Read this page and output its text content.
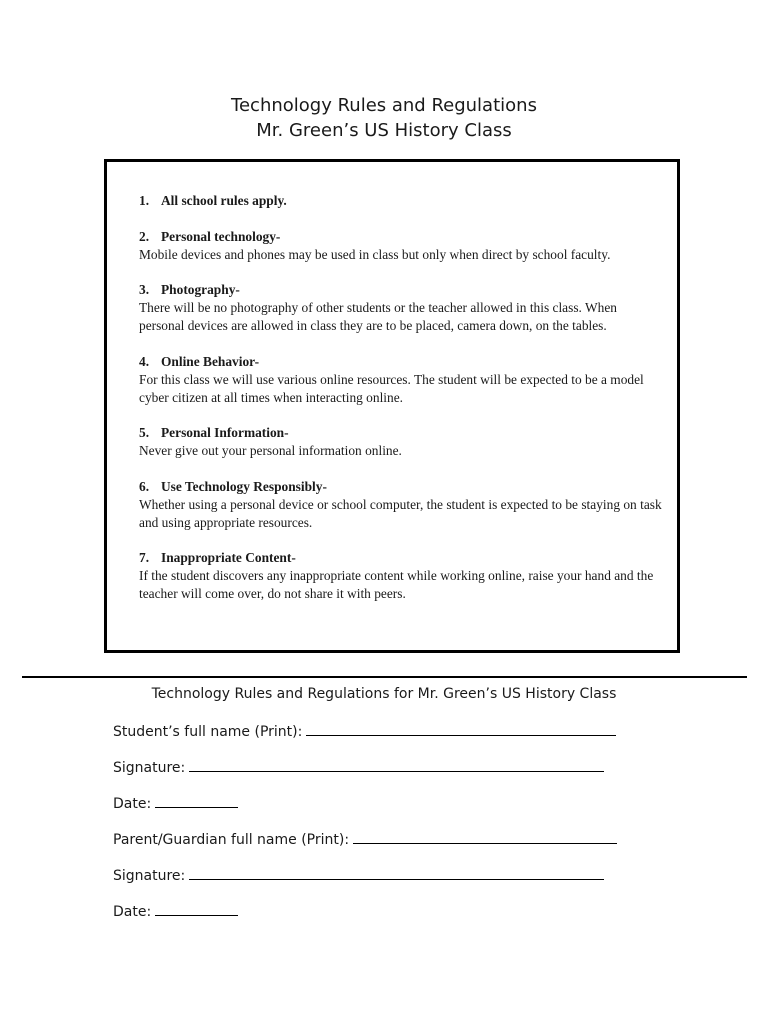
Technology Rules and Regulations
Mr. Green’s US History Class
1. All school rules apply.
2. Personal technology-
Mobile devices and phones may be used in class but only when direct by school faculty.
3. Photography-
There will be no photography of other students or the teacher allowed in this class. When personal devices are allowed in class they are to be placed, camera down, on the tables.
4. Online Behavior-
For this class we will use various online resources. The student will be expected to be a model cyber citizen at all times when interacting online.
5. Personal Information-
Never give out your personal information online.
6. Use Technology Responsibly-
Whether using a personal device or school computer, the student is expected to be staying on task and using appropriate resources.
7. Inappropriate Content-
If the student discovers any inappropriate content while working online, raise your hand and the teacher will come over, do not share it with peers.
Technology Rules and Regulations for Mr. Green’s US History Class
Student’s full name (Print):
Signature:
Date:
Parent/Guardian full name (Print):
Signature:
Date:
